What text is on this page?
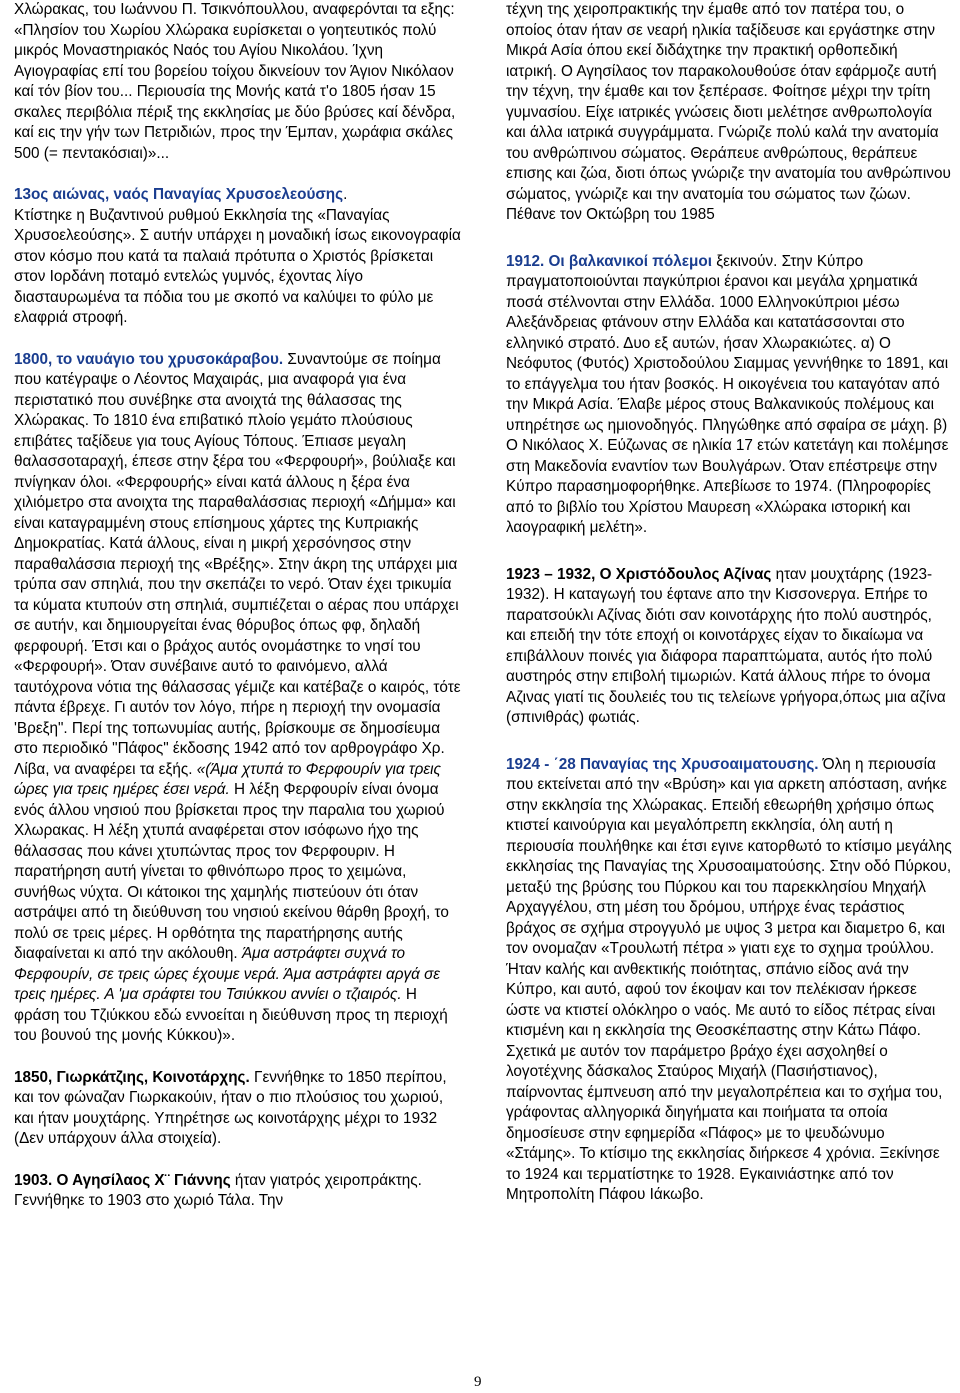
Χλώρακας, του Ιωάννου Π. Τσικνόπουλλου, αναφερόνται τα εξης: «Πλησίον του Χωρίου Χλώρακα ευρίσκεται ο γοητευτικός πολύ μικρός Μοναστηριακός Ναός του Αγίου Νικολάου. Ίχνη Αγιογραφίας επί του βορείου τοίχου δικνείουν τον Άγιον Νικόλαον καί τόν βίον του... Περιουσία της Μονής κατά τ'ο 1805 ήσαν 15 σκαλες περιβόλια πέριξ της εκκλησίας με δύο βρύσες καί δένδρα, καί εις την γήν των Πετριδιών, προς την Έμπαν, χωράφια σκάλες 500 (= πεντακόσιαι)»...
13ος αιώνας, ναός Παναγίας Χρυσοελεούσης.
Κτίστηκε η Βυζαντινού ρυθμού Εκκλησία της «Παναγίας Χρυσοελεούσης». Σ αυτήν υπάρχει η μοναδική ίσως εικονογραφία στον κόσμο που κατά τα παλαιά πρότυπα ο Χριστός βρίσκεται στον Ιορδάνη ποταμό εντελώς γυμνός, έχοντας λίγο διασταυρωμένα τα πόδια του με σκοπό να καλύψει το φύλο με ελαφριά στροφή.
1800, το ναυάγιο του χρυσοκάραβου. Συναντούμε σε ποίημα που κατέγραψε ο Λέοντος Μαχαιράς, μια αναφορά για ένα περιστατικό που συνέβηκε στα ανοιχτά της θάλασσας της Χλώρακας. Το 1810 ένα επιβατικό πλοίο γεμάτο πλούσιους επιβάτες ταξίδευε για τους Αγίους Τόπους. Έπιασε μεγαλη θαλασσοταραχή, έπεσε στην ξέρα του «Φερφουρή», βούλιαξε και πνίγηκαν όλοι. «Φερφουρής» είναι κατά άλλους η ξέρα ένα χιλιόμετρο στα ανοιχτα της παραθαλάσσιας περιοχή «Δήμμα» και είναι καταγραμμένη στους επίσημους χάρτες της Κυπριακής Δημοκρατίας. Κατά άλλους, είναι η μικρή χερσόνησος στην παραθαλάσσια περιοχή της «Βρέξης». Στην άκρη της υπάρχει μια τρύπα σαν σπηλιά, που την σκεπάζει το νερό. Όταν έχει τρικυμία τα κύματα κτυπούν στη σπηλιά, συμπιέζεται ο αέρας που υπάρχει σε αυτήν, και δημιουργείται ένας θόρυβος όπως φφ, δηλαδή φερφουρή. Έτσι και ο βράχος αυτός ονομάστηκε το νησί του «Φερφουρή». Όταν συνέβαινε αυτό το φαινόμενο, αλλά ταυτόχρονα νότια της θάλασσας γέμιζε και κατέβαζε ο καιρός, τότε πάντα έβρεχε. Γι αυτόν τον λόγο, πήρε η περιοχή την ονομασία 'Βρεξη". Περί της τοπωνυμίας αυτής, βρίσκουμε σε δημοσίευμα στο περιοδικό "Πάφος" έκδοσης 1942 από τον αρθρογράφο Χρ. Λίβα, να αναφέρει τα εξής. «(Άμα χτυπά το Φερφουρίν για τρεις ώρες για τρεις ημέρες έσει νερά. Η λέξη Φερφουρίν είναι όνομα ενός άλλου νησιού που βρίσκεται προς την παραλια του χωριού Χλωρακας. Η λέξη χτυπά αναφέρεται στον ισόφωνο ήχο της θάλασσας που κάνει χτυπώντας προς τον Φερφουριν. Η παρατήρηση αυτή γίνεται το φθινόπωρο προς το χειμώνα, συνήθως νύχτα. Οι κάτοικοι της χαμηλής πιστεύουν ότι όταν αστράψει από τη διεύθυνση του νησιού εκείνου θάρθη βροχή, το πολύ σε τρεις μέρες. Η ορθότητα της παρατήρησης αυτής διαφαίνεται κι από την ακόλουθη. Άμα αστράφτει συχνά το Φερφουρίν, σε τρεις ώρες έχουμε νερά. Άμα αστράφτει αργά σε τρεις ημέρες. Α 'μα σράφτει του Τσιύκκου αννίει ο τζιαιρός. Η φράση του Τζιύκκου εδώ εννοείται η διεύθυνση προς τη περιοχή του βουνού της μονής Κύκκου)».
1850, Γιωρκάτζιης, Κοινοτάρχης. Γεννήθηκε το 1850 περίπου, και τον φώναζαν Γιωρκακούιν, ήταν ο πιο πλούσιος του χωριού, και ήταν μουχτάρης. Υπηρέτησε ως κοινοτάρχης μέχρι το 1932 (Δεν υπάρχουν άλλα στοιχεία).
1903. Ο Αγησίλαος Χ¨ Γιάννης ήταν γιατρός χειροπράκτης. Γεννήθηκε το 1903 στο χωριό Τάλα. Την
τέχνη της χειροπρακτικής την έμαθε από τον πατέρα του, ο οποίος όταν ήταν σε νεαρή ηλικία ταξίδευσε και εργάστηκε στην Μικρά Ασία όπου εκεί διδάχτηκε την πρακτική ορθοπεδική ιατρική. Ο Αγησίλαος τον παρακολουθούσε όταν εφάρμοζε αυτή την τέχνη, την έμαθε και τον ξεπέρασε. Φοίτησε μέχρι την τρίτη γυμνασίου. Είχε ιατρικές γνώσεις διοτι μελέτησε ανθρωπολογία και άλλα ιατρικά συγγράμματα. Γνώριζε πολύ καλά την ανατομία του ανθρώπινου σώματος. Θεράπευε ανθρώπους, θεράπευε επισης και ζώα, διοτι όπως γνώριζε την ανατομία του ανθρώπινου σώματος, γνώριζε και την ανατομία του σώματος των ζώων. Πέθανε τον Οκτώβρη του 1985
1912. Οι βαλκανικοί πόλεμοι ξεκινούν. Στην Κύπρο πραγματοποιούνται παγκύπριοι έρανοι και μεγάλα χρηματικά ποσά στέλνονται στην Ελλάδα. 1000 Ελληνοκύπριοι μέσω Αλεξάνδρειας φτάνουν στην Ελλάδα και κατατάσσονται στο ελληνικό στρατό. Δυο εξ αυτών, ήσαν Χλωρακιώτες. α) Ο Νεόφυτος (Φυτός) Χριστοδούλου Σιαμμας γεννήθηκε το 1891, και το επάγγελμα του ήταν βοσκός. Η οικογένεια του καταγόταν από την Μικρά Ασία. Έλαβε μέρος στους Βαλκανικούς πολέμους και υπηρέτησε ως ημιονοδηγός. Πληγώθηκε από σφαίρα σε μάχη. β) Ο Νικόλαος Χ. Εύζωνας σε ηλικία 17 ετών κατετάγη και πολέμησε στη Μακεδονία εναντίον των Βουλγάρων. Όταν επέστρεψε στην Κύπρο παρασημοφορήθηκε. Απεβίωσε το 1974. (Πληροφορίες από το βιβλίο του Χρίστου Μαυρεση «Χλώρακα ιστορική και λαογραφική μελέτη».
1923 – 1932, Ο Χριστόδουλος Αζίνας ηταν μουχτάρης (1923- 1932). Η καταγωγή του έφτανε απο την Κισσονεργα. Επήρε το παρατσούκλι Αζίνας διότι σαν κοινοτάρχης ήτο πολύ αυστηρός, και επειδή την τότε εποχή οι κοινοτάρχες είχαν το δικαίωμα να επιβάλλουν ποινές για διάφορα παραπτώματα, αυτός ήτο πολύ αυστηρός στην επιβολή τιμωριών. Κατά άλλους πήρε το όνομα Αζινας γιατί τις δουλειές του τις τελείωνε γρήγορα,όπως μια αζίνα (σπινιθράς) φωτιάς.
1924 - ΄28 Παναγίας της Χρυσοαιματουσης. Όλη η περιουσία που εκτείνεται από την «Βρύση» και για αρκετη απόσταση, ανήκε στην εκκλησία της Χλώρακας. Επειδή εθεωρήθη χρήσιμο όπως κτιστεί καινούργια και μεγαλόπρεπη εκκλησία, όλη αυτή η περιουσία πουλήθηκε και έτσι εγινε κατορθωτό το κτίσιμο μεγάλης εκκλησίας της Παναγίας της Χρυσοαιματούσης. Στην οδό Πύρκου, μεταξύ της βρύσης του Πύρκου και του παρεκκλησίου Μηχαήλ Αρχαγγέλου, στη μέση του δρόμου, υπήρχε ένας τεράστιος βράχος σε σχήμα στρογγυλό με υψος 3 μετρα και διαμετρο 6, και τον ονομαζαν «Τρουλωτή πέτρα » γιατι εχε το σχημα τρούλλου. Ήταν καλής και ανθεκτικής ποιότητας, σπάνιο είδος ανά την Κύπρο, και αυτό, αφού τον έκοψαν και τον πελέκισαν ήρκεσε ώστε να κτιστεί ολόκληρο ο ναός. Με αυτό το είδος πέτρας είναι κτισμένη και η εκκλησία της Θεοσκέπαστης στην Κάτω Πάφο. Σχετικά με αυτόν τον παράμετρο βράχο έχει ασχοληθεί ο λογοτέχνης δάσκαλος Σταύρος Μιχαήλ (Πασιήστιανος), παίρνοντας έμπνευση από την μεγαλοπρέπεια και το σχήμα του, γράφοντας αλληγορικά διηγήματα και ποιήματα τα οποία δημοσίευσε στην εφημερίδα «Πάφος» με το ψευδώνυμο «Στάμης». Το κτίσιμο της εκκλησίας διήρκεσε 4 χρόνια. Ξεκίνησε το 1924 και τερματίστηκε το 1928. Εγκαινιάστηκε από τον Μητροπολίτη Πάφου Ιάκωβο.
9
